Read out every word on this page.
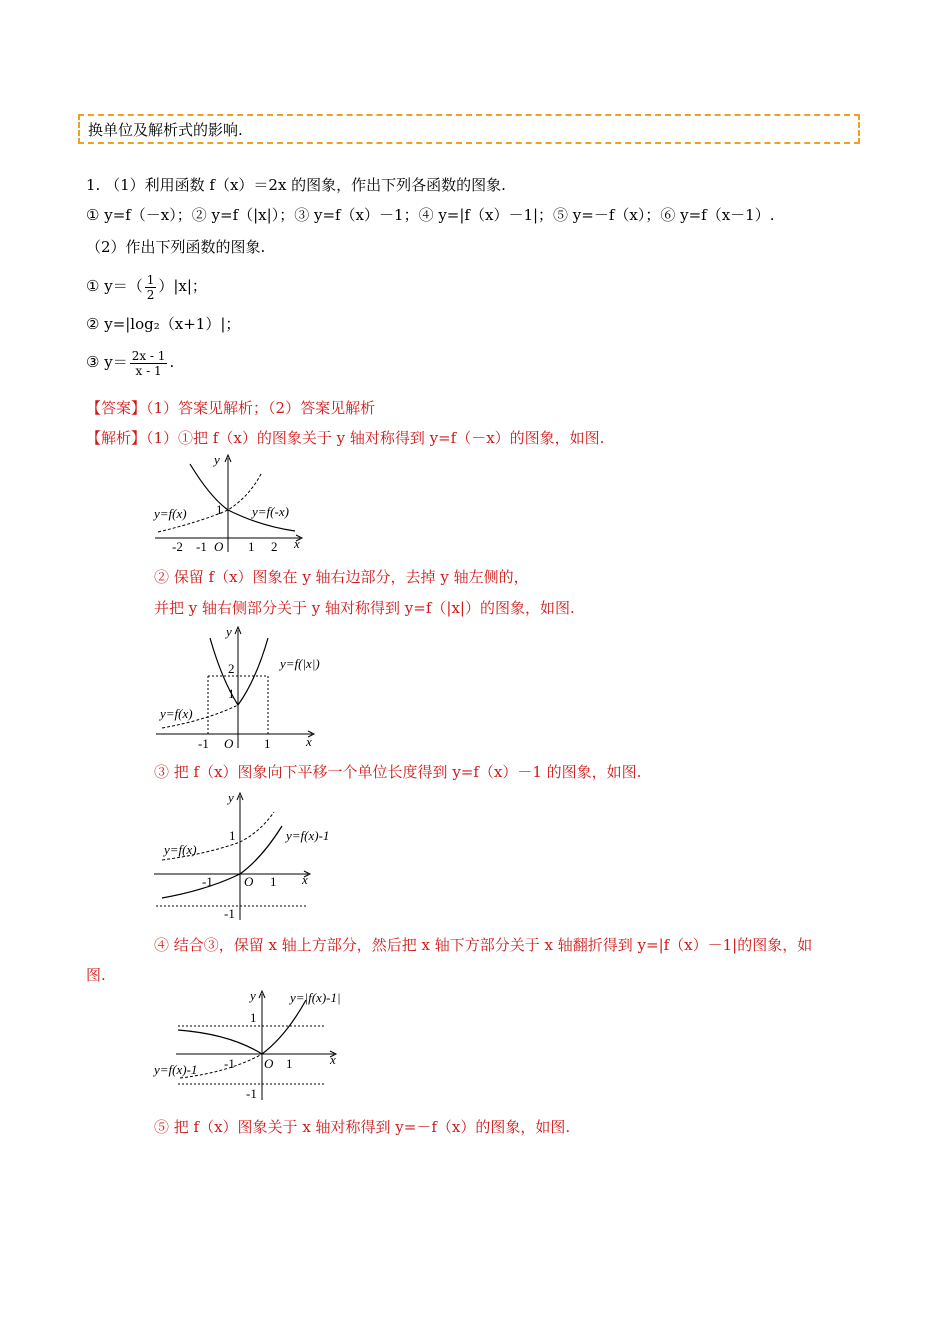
换单位及解析式的影响.
1. （1）利用函数 f（x）＝2x 的图象，作出下列各函数的图象.
① y=f（－x）；② y=f（|x|）；③ y=f（x）－1；④ y=|f（x）－1|；⑤ y=－f（x）；⑥ y=f（x－1）.
（2）作出下列函数的图象.
① $y=( \frac{1}{2} )|x|$；
② y=|log₂（x+1）|；
③ $y= \frac{2x - 1}{x - 1}$ .
【答案】（1）答案见解析；（2）答案见解析
【解析】（1）①把 f（x）的图象关于 y 轴对称得到 y=f（－x）的图象，如图.
y=f(x)	y=f(-x)
1
-2 -1 O 1 2 x
y
② 保留 f（x）图象在 y 轴右边部分，去掉 y 轴左侧的，
并把 y 轴右侧部分关于 y 轴对称得到 y=f（|x|）的图象，如图.
2
1
y=f(|x|)
y=f(x)
-1 O 1	x
y
③ 把 f（x）图象向下平移一个单位长度得到 y=f（x）－1 的图象，如图.
1
-1
y=f(x)-1
y=f(x)
-1 O 1 x
y
④ 结合③，保留 x 轴上方部分，然后把 x 轴下方部分关于 x 轴翻折得到 y=|f（x）－1|的图象，如
图.
y=|f(x)-1|
y=f(x)-1
1
-1
-1 O 1	x
y
⑤ 把 f（x）图象关于 x 轴对称得到 y=－f（x）的图象，如图.
